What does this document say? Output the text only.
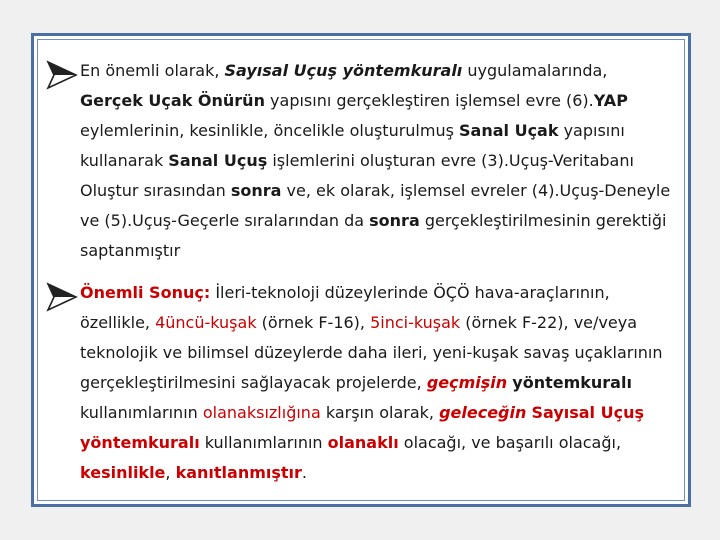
En önemli olarak, Sayısal Uçuş yöntemkuralı uygulamalarında, Gerçek Uçak Önürün yapısını gerçekleştiren işlemsel evre (6).YAP eylemlerinin, kesinlikle, öncelikle oluşturulmuş Sanal Uçak yapısını kullanarak Sanal Uçuş işlemlerini oluşturan evre (3).Uçuş-Veritabanı Oluştur sırasından sonra ve, ek olarak, işlemsel evreler (4).Uçuş-Deneyle ve (5).Uçuş-Geçerle sıralarından da sonra gerçekleştirilmesinin gerektiği saptanmıştır
Önemli Sonuç: İleri-teknoloji düzeylerinde ÖÇÖ hava-araçlarının, özellikle, 4üncü-kuşak (örnek F-16), 5inci-kuşak (örnek F-22), ve/veya teknolojik ve bilimsel düzeylerde daha ileri, yeni-kuşak savaş uçaklarının gerçekleştirilmesini sağlayacak projelerde, geçmişin yöntemkuralı kullanımlarının olanaksızlığına karşın olarak, geleceğin Sayısal Uçuş yöntemkuralı kullanımlarının olanaklı olacağı, ve başarılı olacağı, kesinlikle, kanıtlanmıştır.
